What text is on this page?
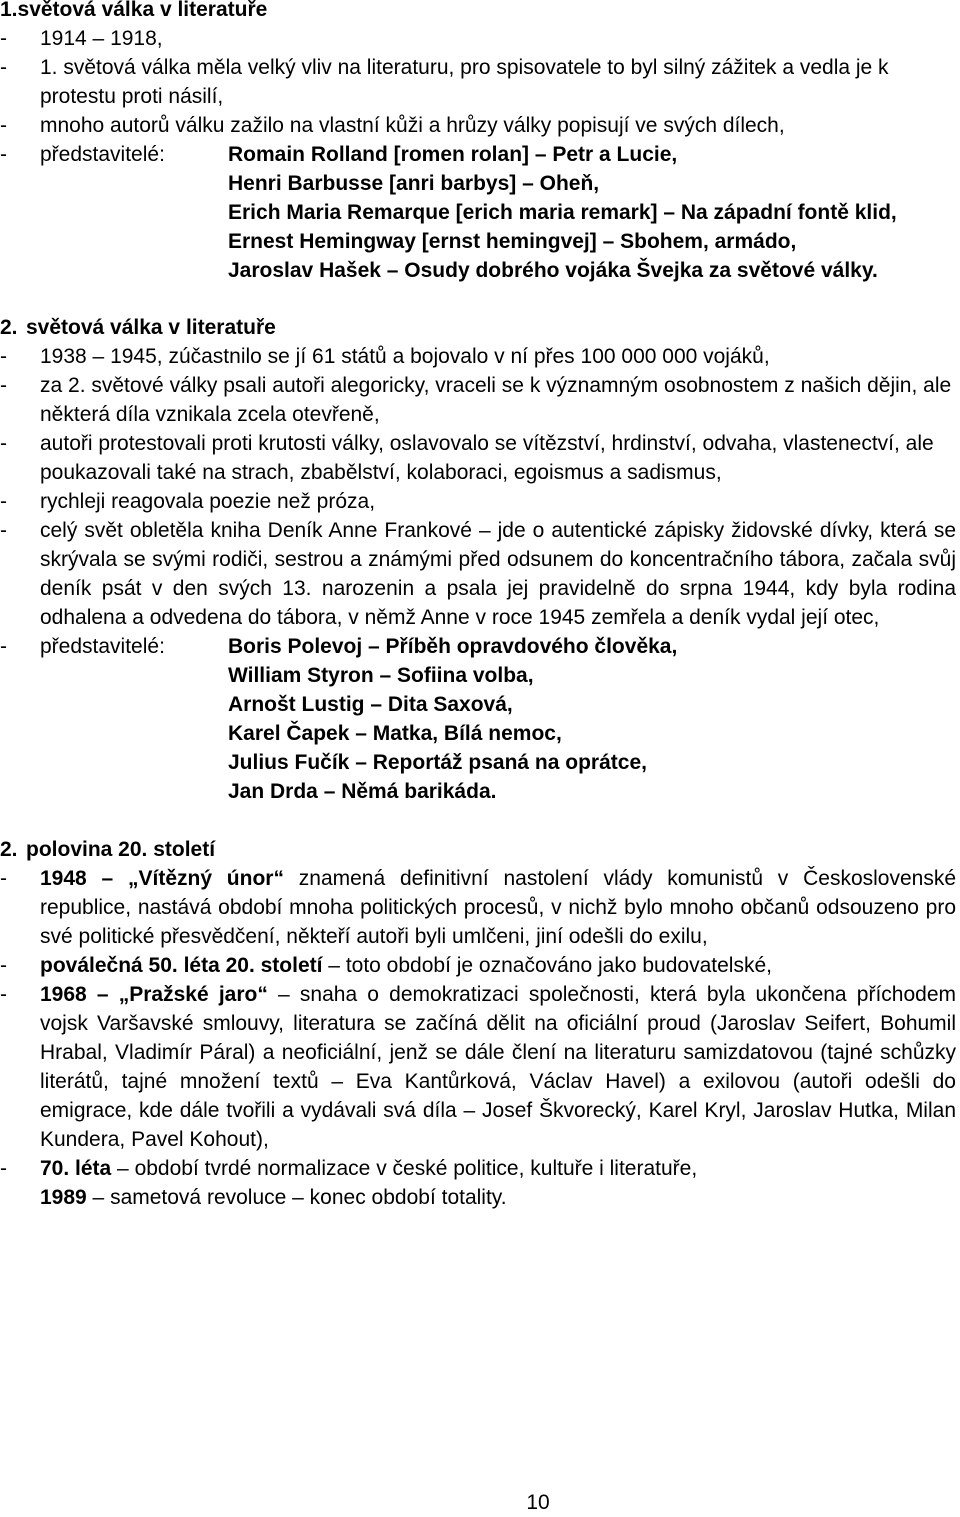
1.světová válka v literatuře
-	1914 – 1918,
-	1. světová válka měla velký vliv na literaturu, pro spisovatele to byl silný zážitek a vedla je k protestu proti násilí,
-	mnoho autorů válku zažilo na vlastní kůži a hrůzy války popisují ve svých dílech,
-	představitelé:	Romain Rolland [romen rolan] – Petr a Lucie,
Henri Barbusse [anri barbys] – Oheň,
Erich Maria Remarque [erich maria remark] – Na západní fontě klid,
Ernest Hemingway [ernst hemingvej] – Sbohem, armádo,
Jaroslav Hašek – Osudy dobrého vojáka Švejka za světové války.
2. světová válka v literatuře
-	1938 – 1945, zúčastnilo se jí 61 států a bojovalo v ní přes 100 000 000 vojáků,
-	za 2. světové války psali autoři alegoricky, vraceli se k významným osobnostem z našich dějin, ale některá díla vznikala zcela otevřeně,
-	autoři protestovali proti krutosti války, oslavovalo se vítězství, hrdinství, odvaha, vlastenectví, ale poukazovali také na strach, zbabělství, kolaboraci, egoismus a sadismus,
-	rychleji reagovala poezie než próza,
-	celý svět obletěla kniha Deník Anne Frankové – jde o autentické zápisky židovské dívky, která se skrývala se svými rodiči, sestrou a známými před odsunem do koncentračního tábora, začala svůj deník psát v den svých 13. narozenin a psala jej pravidelně do srpna 1944, kdy byla rodina odhalena a odvedena do tábora, v němž Anne v roce 1945 zemřela a deník vydal její otec,
-	představitelé:	Boris Polevoj – Příběh opravdového člověka,
William Styron – Sofiina volba,
Arnošt Lustig – Dita Saxová,
Karel Čapek – Matka, Bílá nemoc,
Julius Fučík – Reportáž psaná na oprátce,
Jan Drda – Němá barikáda.
2. polovina 20. století
-	1948 – „Vítězný únor“ znamená definitivní nastolení vlády komunistů v Československé republice, nastává období mnoha politických procesů, v nichž bylo mnoho občanů odsouzeno pro své politické přesvědčení, někteří autoři byli umlčeni, jiní odešli do exilu,
-	poválečná 50. léta 20. století – toto období je označováno jako budovatelské,
-	1968 – „Pražské jaro“ – snaha o demokratizaci společnosti, která byla ukončena příchodem vojsk Varšavské smlouvy, literatura se začíná dělit na oficiální proud (Jaroslav Seifert, Bohumil Hrabal, Vladimír Páral) a neoficiální, jenž se dále člení na literaturu samizdatovou (tajné schůzky literátů, tajné množení textů – Eva Kantůrková, Václav Havel) a exilovou (autoři odešli do emigrace, kde dále tvořili a vydávali svá díla – Josef Škvorecký, Karel Kryl, Jaroslav Hutka, Milan Kundera, Pavel Kohout),
-	70. léta – období tvrdé normalizace v české politice, kultuře i literatuře,
1989 – sametová revoluce – konec období totality.
10
